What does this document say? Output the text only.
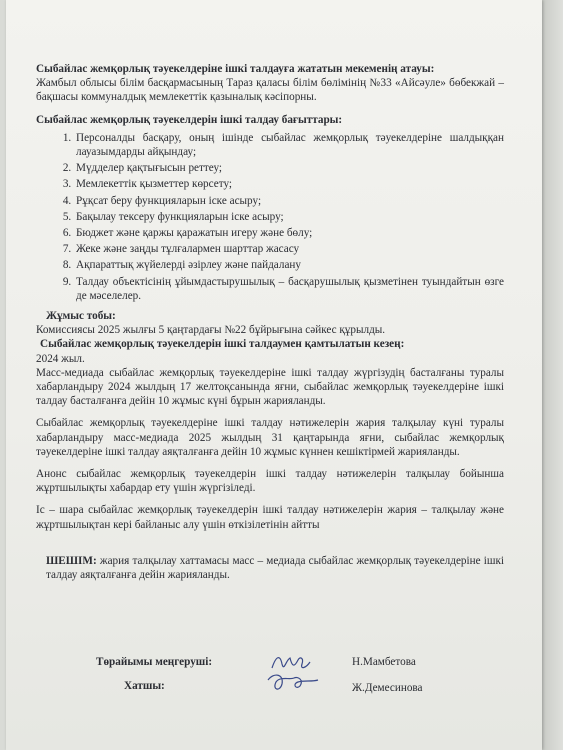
Сыбайлас жемқорлық тәуекелдеріне ішкі талдауға жататын мекеменің атауы:

Жамбыл облысы білім басқармасының Тараз қаласы білім бөлімінің №33 «Айсәуле» бөбекжай – бақшасы коммуналдық мемлекеттік қазыналық кәсіпорны.

Сыбайлас жемқорлық тәуекелдерін ішкі талдау бағыттары:

1. Персоналды басқару, оның ішінде сыбайлас жемқорлық тәуекелдеріне шалдыққан лауазымдарды айқындау;
2. Мүдделер қақтығысын реттеу;
3. Мемлекеттік қызметтер көрсету;
4. Рұқсат беру функцияларын іске асыру;
5. Бақылау тексеру функцияларын іске асыру;
6. Бюджет және қаржы қаражатын игеру және бөлу;
7. Жеке және заңды тұлғалармен шарттар жасасу
8. Ақпараттық жүйелерді әзірлеу және пайдалану
9. Талдау объектісінің ұйымдастырушылық – басқарушылық қызметінен туындайтын өзге де мәселелер.

Жұмыс тобы:

Комиссиясы 2025 жылғы 5 қаңтардағы №22 бұйрығына сәйкес құрылды.

Сыбайлас жемқорлық тәуекелдерін ішкі талдаумен қамтылатын кезең:

2024 жыл.

Масс-медиада сыбайлас жемқорлық тәуекелдеріне ішкі талдау жүргізудің басталғаны туралы хабарландыру 2024 жылдың 17 желтоқсанында яғни, сыбайлас жемқорлық тәуекелдеріне ішкі талдау басталғанға дейін 10 жұмыс күні бұрын жарияланды.

Сыбайлас жемқорлық тәуекелдеріне ішкі талдау нәтижелерін жария талқылау күні туралы хабарландыру масс-медиада 2025 жылдың 31 қаңтарында яғни, сыбайлас жемқорлық тәуекелдеріне ішкі талдау аяқталғанға дейін 10 жұмыс күннен кешіктірмей жарияланды.

Анонс сыбайлас жемқорлық тәуекелдерін ішкі талдау нәтижелерін талқылау бойынша жұртшылықты хабардар ету үшін жүргізіледі.

Іс – шара сыбайлас жемқорлық тәуекелдерін ішкі талдау нәтижелерін жария – талқылау және жұртшылықтан кері байланыс алу үшін өткізілетінін айтты

ШЕШІМ: жария талқылау хаттамасы масс – медиада сыбайлас жемқорлық тәуекелдеріне ішкі талдау аяқталғанға дейін жарияланды.

Төрайымы меңгеруші:	Н.Мамбетова
Хатшы:	Ж.Демесинова
